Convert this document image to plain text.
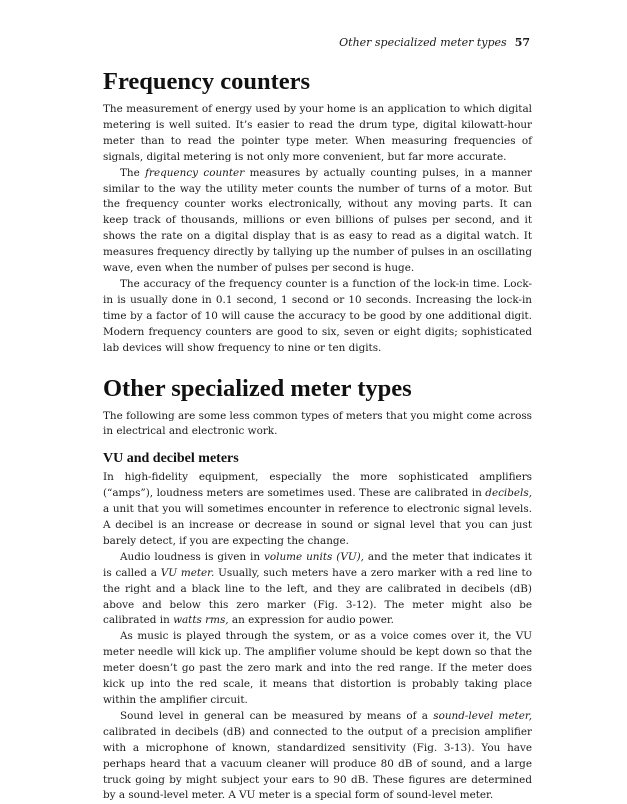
Other specialized meter types 57
Frequency counters

The measurement of energy used by your home is an application to which digital metering is well suited. It’s easier to read the drum type, digital kilowatt-hour meter than to read the pointer type meter. When measuring frequencies of signals, digital metering is not only more convenient, but far more accurate.

The frequency counter measures by actually counting pulses, in a manner similar to the way the utility meter counts the number of turns of a motor. But the frequency counter works electronically, without any moving parts. It can keep track of thousands, millions or even billions of pulses per second, and it shows the rate on a digital display that is as easy to read as a digital watch. It measures frequency directly by tallying up the number of pulses in an oscillating wave, even when the number of pulses per second is huge.

The accuracy of the frequency counter is a function of the lock-in time. Lock-in is usually done in 0.1 second, 1 second or 10 seconds. Increasing the lock-in time by a factor of 10 will cause the accuracy to be good by one additional digit. Modern frequency counters are good to six, seven or eight digits; sophisticated lab devices will show frequency to nine or ten digits.

Other specialized meter types

The following are some less common types of meters that you might come across in electrical and electronic work.

VU and decibel meters

In high-fidelity equipment, especially the more sophisticated amplifiers (“amps”), loudness meters are sometimes used. These are calibrated in decibels, a unit that you will sometimes encounter in reference to electronic signal levels. A decibel is an increase or decrease in sound or signal level that you can just barely detect, if you are expecting the change.

Audio loudness is given in volume units (VU), and the meter that indicates it is called a VU meter. Usually, such meters have a zero marker with a red line to the right and a black line to the left, and they are calibrated in decibels (dB) above and below this zero marker (Fig. 3-12). The meter might also be calibrated in watts rms, an expression for audio power.

As music is played through the system, or as a voice comes over it, the VU meter needle will kick up. The amplifier volume should be kept down so that the meter doesn’t go past the zero mark and into the red range. If the meter does kick up into the red scale, it means that distortion is probably taking place within the amplifier circuit.

Sound level in general can be measured by means of a sound-level meter, calibrated in decibels (dB) and connected to the output of a precision amplifier with a microphone of known, standardized sensitivity (Fig. 3-13). You have perhaps heard that a vacuum cleaner will produce 80 dB of sound, and a large truck going by might subject your ears to 90 dB. These figures are determined by a sound-level meter. A VU meter is a special form of sound-level meter.
